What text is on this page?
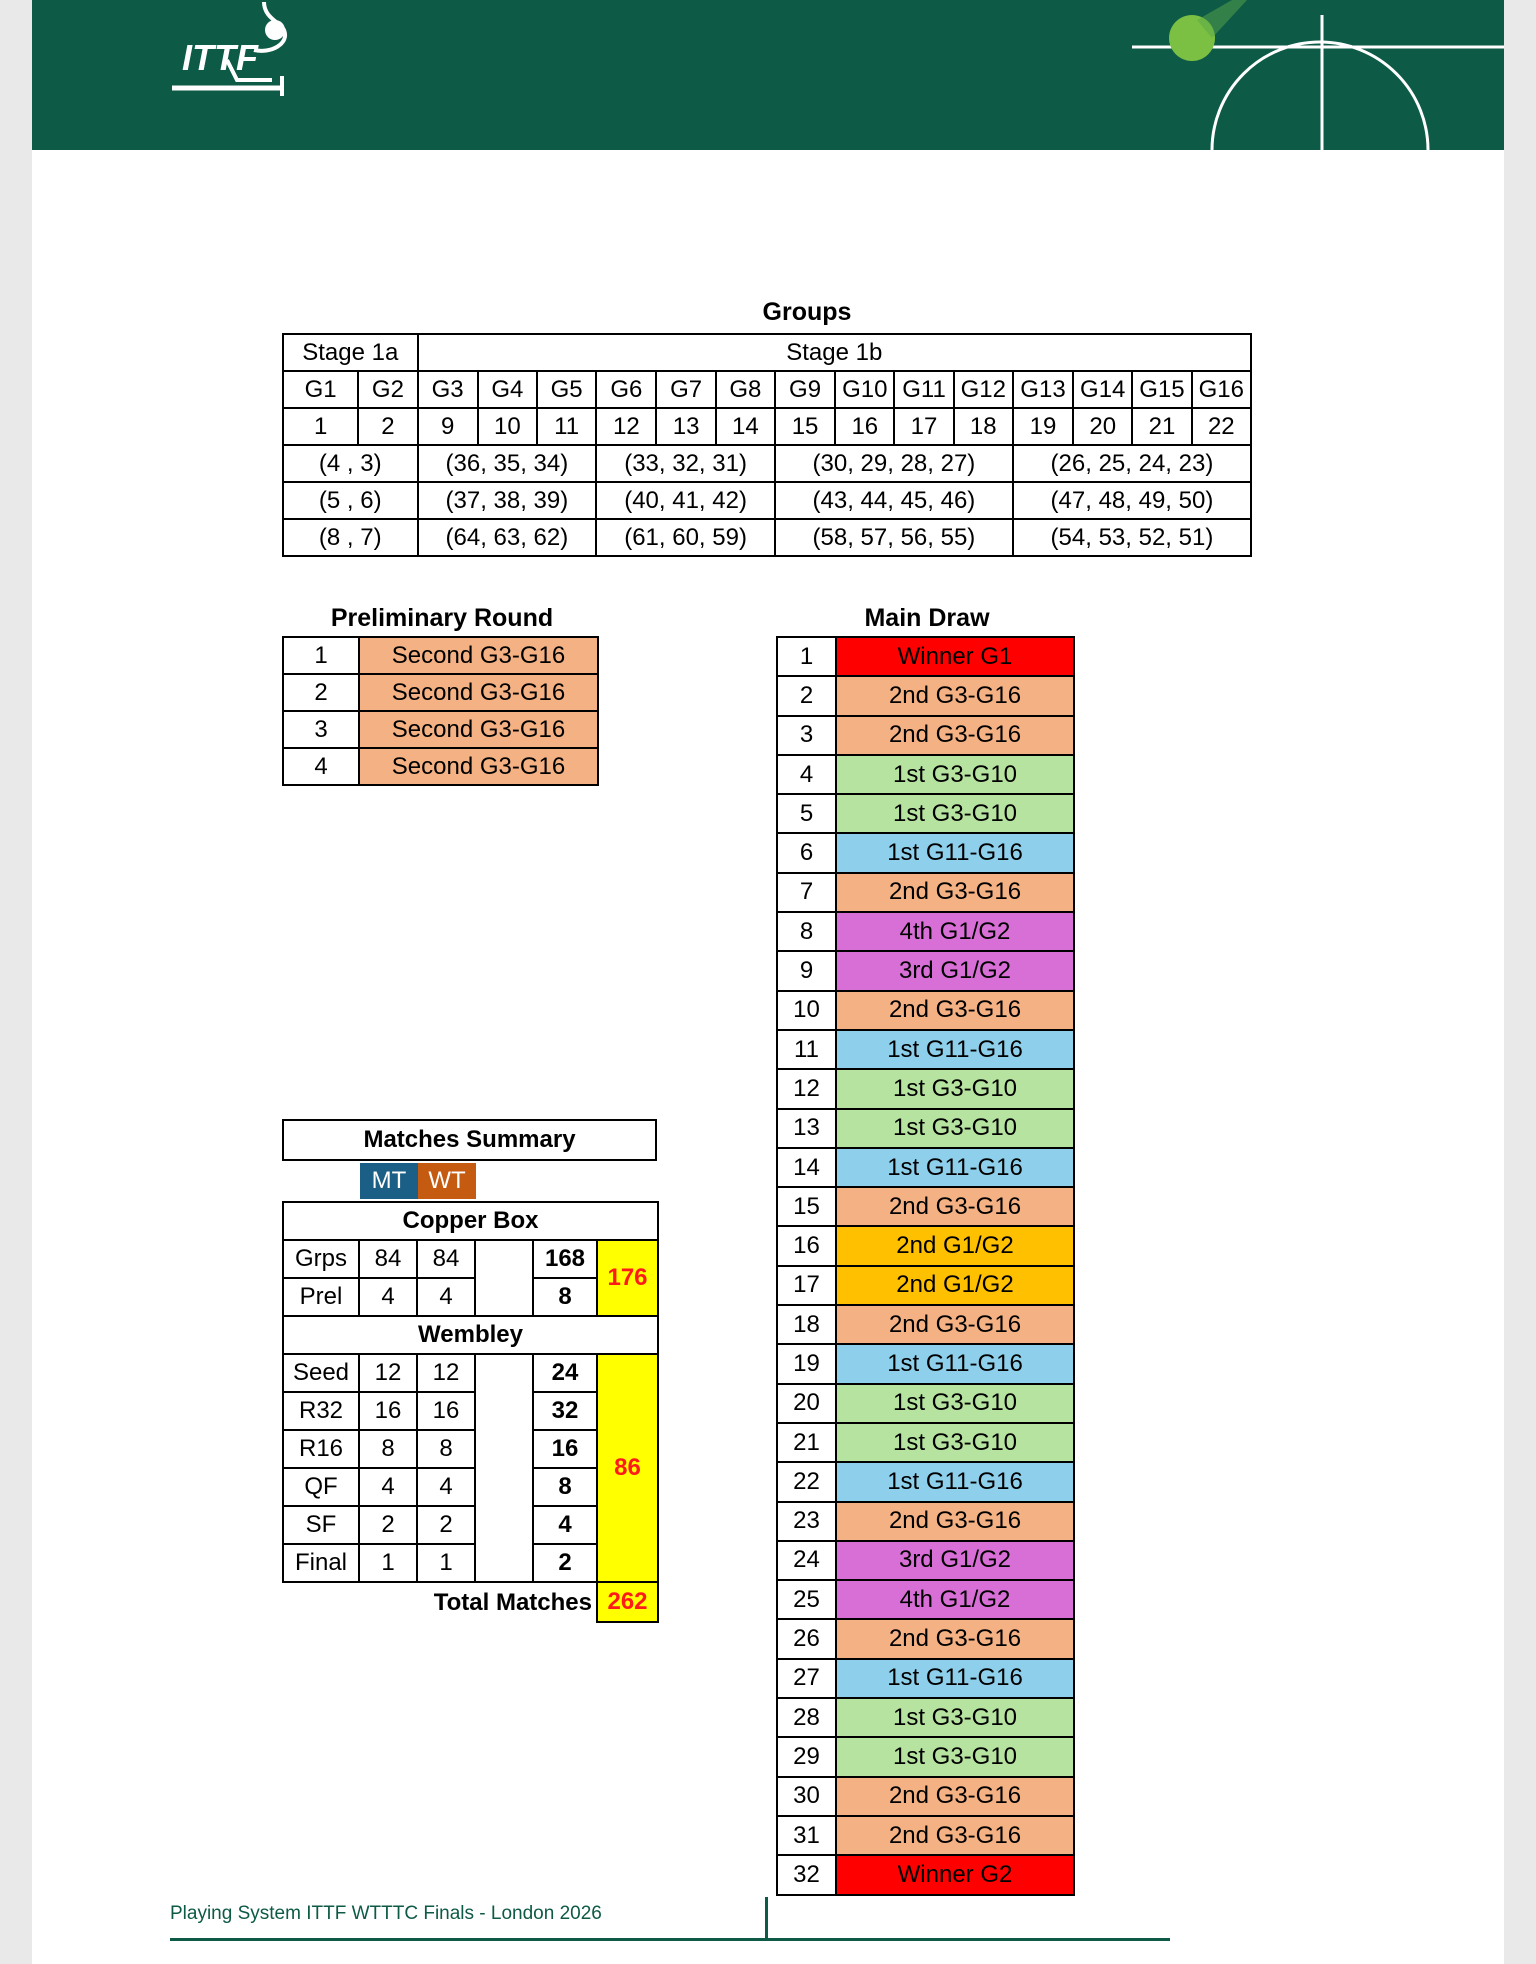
ITTF
Groups
Stage 1a		Stage 1b													
G1	G2	G3	G4	G5	G6	G7	G8	G9	G10	G11	G12	G13	G14	G15	G16
1	2	9	10	11	12	13	14	15	16	17	18	19	20	21	22
(4 , 3)		(36, 35, 34)			(33, 32, 31)			(30, 29, 28, 27)				(26, 25, 24, 23)			
(5 , 6)		(37, 38, 39)			(40, 41, 42)			(43, 44, 45, 46)				(47, 48, 49, 50)			
(8 , 7)		(64, 63, 62)			(61, 60, 59)			(58, 57, 56, 55)				(54, 53, 52, 51)			
Preliminary Round
1	Second G3-G16
2	Second G3-G16
3	Second G3-G16
4	Second G3-G16
Main Draw
1	Winner G1
2	2nd G3-G16
3	2nd G3-G16
4	1st G3-G10
5	1st G3-G10
6	1st G11-G16
7	2nd G3-G16
8	4th G1/G2
9	3rd G1/G2
10	2nd G3-G16
11	1st G11-G16
12	1st G3-G10
13	1st G3-G10
14	1st G11-G16
15	2nd G3-G16
16	2nd G1/G2
17	2nd G1/G2
18	2nd G3-G16
19	1st G11-G16
20	1st G3-G10
21	1st G3-G10
22	1st G11-G16
23	2nd G3-G16
24	3rd G1/G2
25	4th G1/G2
26	2nd G3-G16
27	1st G11-G16
28	1st G3-G10
29	1st G3-G10
30	2nd G3-G16
31	2nd G3-G16
32	Winner G2
Matches Summary
MT WT
Copper Box					
Grps	84	84		168	176
Prel	4	4		8	
Wembley					
Seed	12	12		24	86
R32	16	16		32	
R16	8	8		16	
QF	4	4		8	
SF	2	2		4	
Final	1	1		2	
Total Matches					262
Playing System ITTF WTTTC Finals - London 2026
